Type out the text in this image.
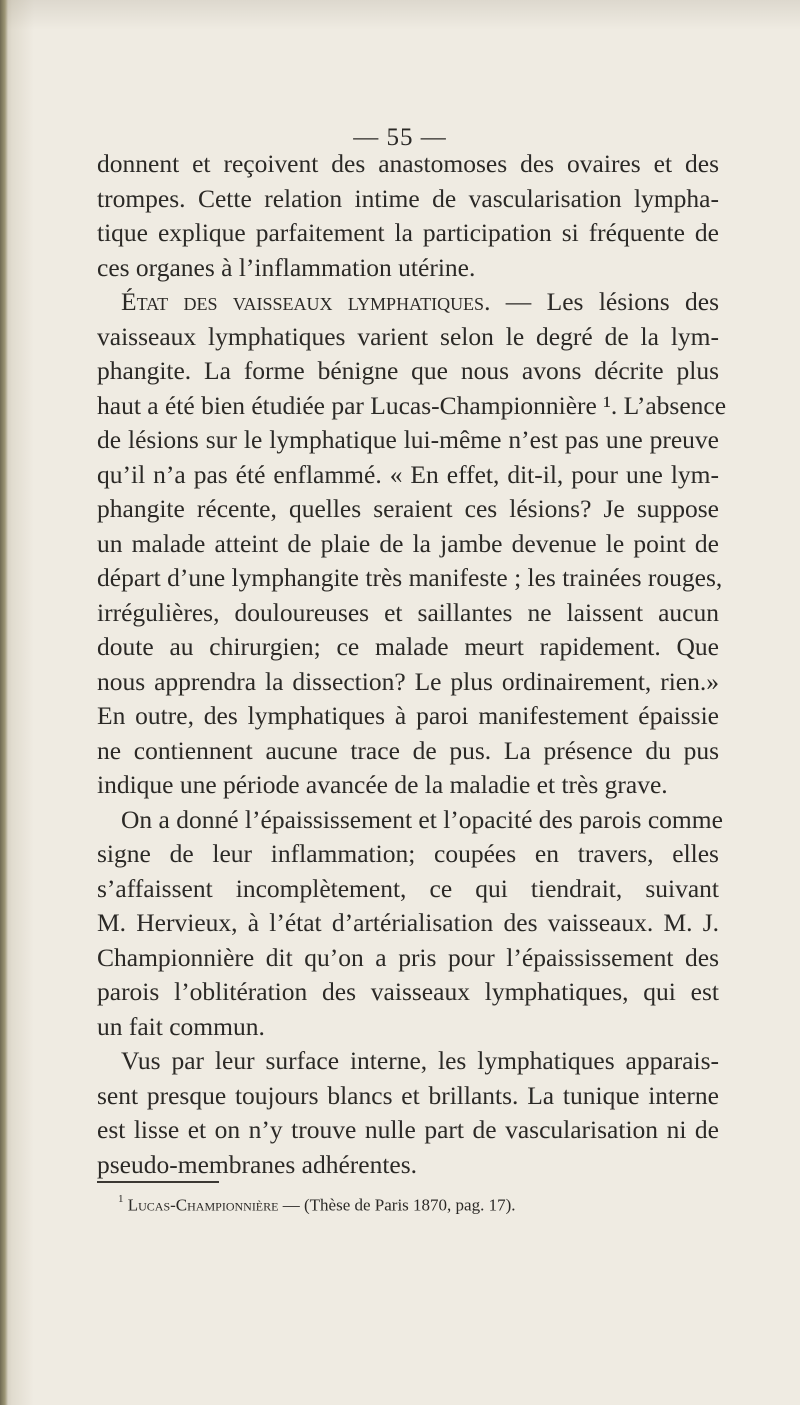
— 55 —
donnent et reçoivent des anastomoses des ovaires et des
trompes. Cette relation intime de vascularisation lympha-
tique explique parfaitement la participation si fréquente de
ces organes à l’inflammation utérine.
État des vaisseaux lymphatiques. — Les lésions des
vaisseaux lymphatiques varient selon le degré de la lym-
phangite. La forme bénigne que nous avons décrite plus
haut a été bien étudiée par Lucas-Championnière ¹. L’absence
de lésions sur le lymphatique lui-même n’est pas une preuve
qu’il n’a pas été enflammé. « En effet, dit-il, pour une lym-
phangite récente, quelles seraient ces lésions? Je suppose
un malade atteint de plaie de la jambe devenue le point de
départ d’une lymphangite très manifeste ; les trainées rouges,
irrégulières, douloureuses et saillantes ne laissent aucun
doute au chirurgien; ce malade meurt rapidement. Que
nous apprendra la dissection? Le plus ordinairement, rien.»
En outre, des lymphatiques à paroi manifestement épaissie
ne contiennent aucune trace de pus. La présence du pus
indique une période avancée de la maladie et très grave.
On a donné l’épaississement et l’opacité des parois comme
signe de leur inflammation; coupées en travers, elles
s’affaissent incomplètement, ce qui tiendrait, suivant
M. Hervieux, à l’état d’artérialisation des vaisseaux. M. J.
Championnière dit qu’on a pris pour l’épaississement des
parois l’oblitération des vaisseaux lymphatiques, qui est
un fait commun.
Vus par leur surface interne, les lymphatiques apparais-
sent presque toujours blancs et brillants. La tunique interne
est lisse et on n’y trouve nulle part de vascularisation ni de
pseudo-membranes adhérentes.
$^1$ Lucas-Championnière — (Thèse de Paris 1870, pag. 17).
